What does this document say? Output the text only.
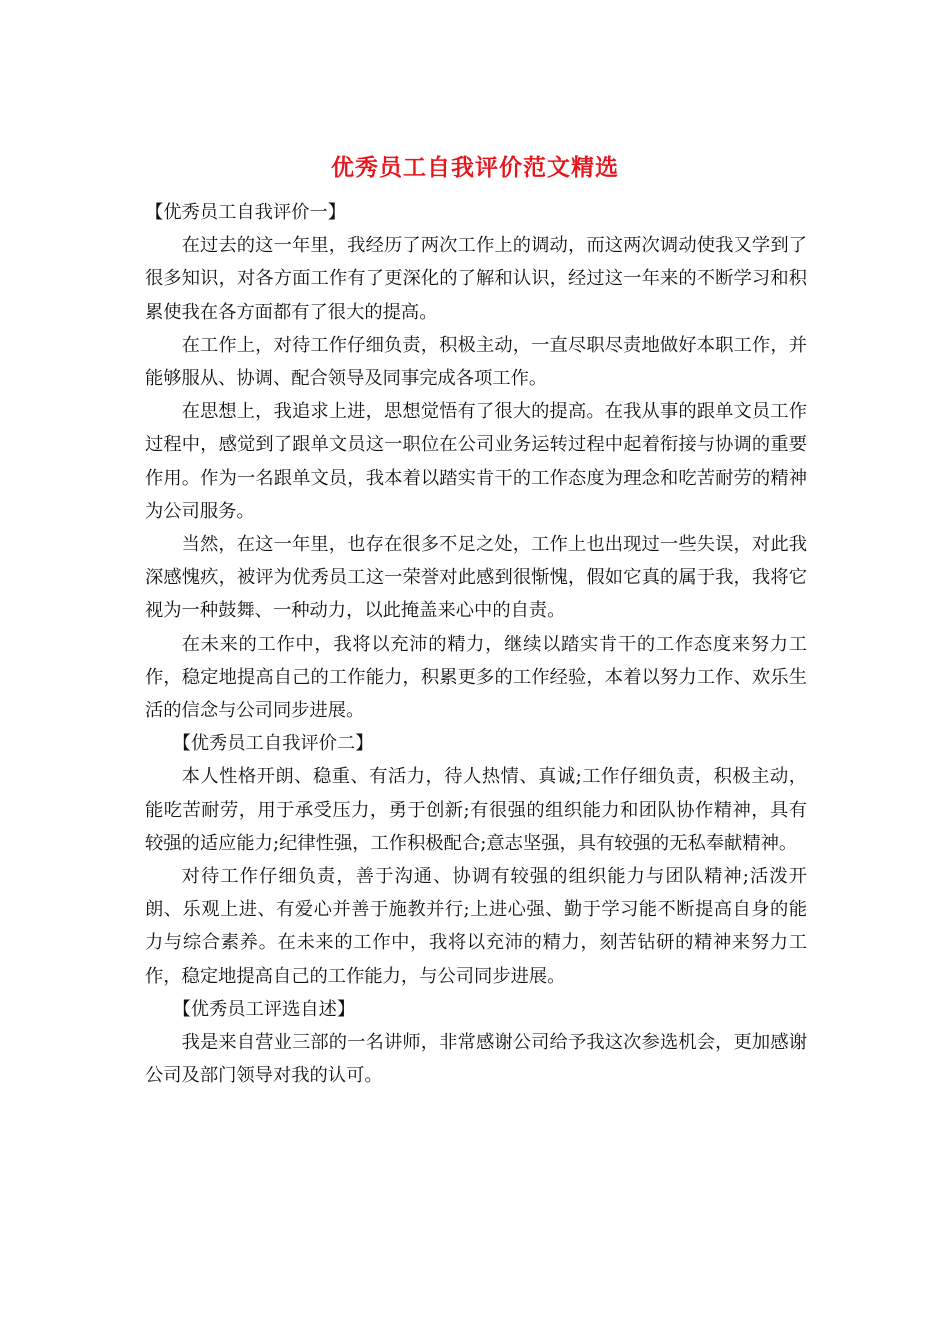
优秀员工自我评价范文精选

【优秀员工自我评价一】

在过去的这一年里，我经历了两次工作上的调动，而这两次调动使我又学到了很多知识，对各方面工作有了更深化的了解和认识，经过这一年来的不断学习和积累使我在各方面都有了很大的提高。

在工作上，对待工作仔细负责，积极主动，一直尽职尽责地做好本职工作，并能够服从、协调、配合领导及同事完成各项工作。

在思想上，我追求上进，思想觉悟有了很大的提高。在我从事的跟单文员工作过程中，感觉到了跟单文员这一职位在公司业务运转过程中起着衔接与协调的重要作用。作为一名跟单文员，我本着以踏实肯干的工作态度为理念和吃苦耐劳的精神为公司服务。

当然，在这一年里，也存在很多不足之处，工作上也出现过一些失误，对此我深感愧疚，被评为优秀员工这一荣誉对此感到很惭愧，假如它真的属于我，我将它视为一种鼓舞、一种动力，以此掩盖来心中的自责。

在未来的工作中，我将以充沛的精力，继续以踏实肯干的工作态度来努力工作，稳定地提高自己的工作能力，积累更多的工作经验，本着以努力工作、欢乐生活的信念与公司同步进展。

【优秀员工自我评价二】

本人性格开朗、稳重、有活力，待人热情、真诚;工作仔细负责，积极主动，能吃苦耐劳，用于承受压力，勇于创新;有很强的组织能力和团队协作精神，具有较强的适应能力;纪律性强，工作积极配合;意志坚强，具有较强的无私奉献精神。

对待工作仔细负责，善于沟通、协调有较强的组织能力与团队精神;活泼开朗、乐观上进、有爱心并善于施教并行;上进心强、勤于学习能不断提高自身的能力与综合素养。在未来的工作中，我将以充沛的精力，刻苦钻研的精神来努力工作，稳定地提高自己的工作能力，与公司同步进展。

【优秀员工评选自述】

我是来自营业三部的一名讲师，非常感谢公司给予我这次参选机会，更加感谢公司及部门领导对我的认可。
